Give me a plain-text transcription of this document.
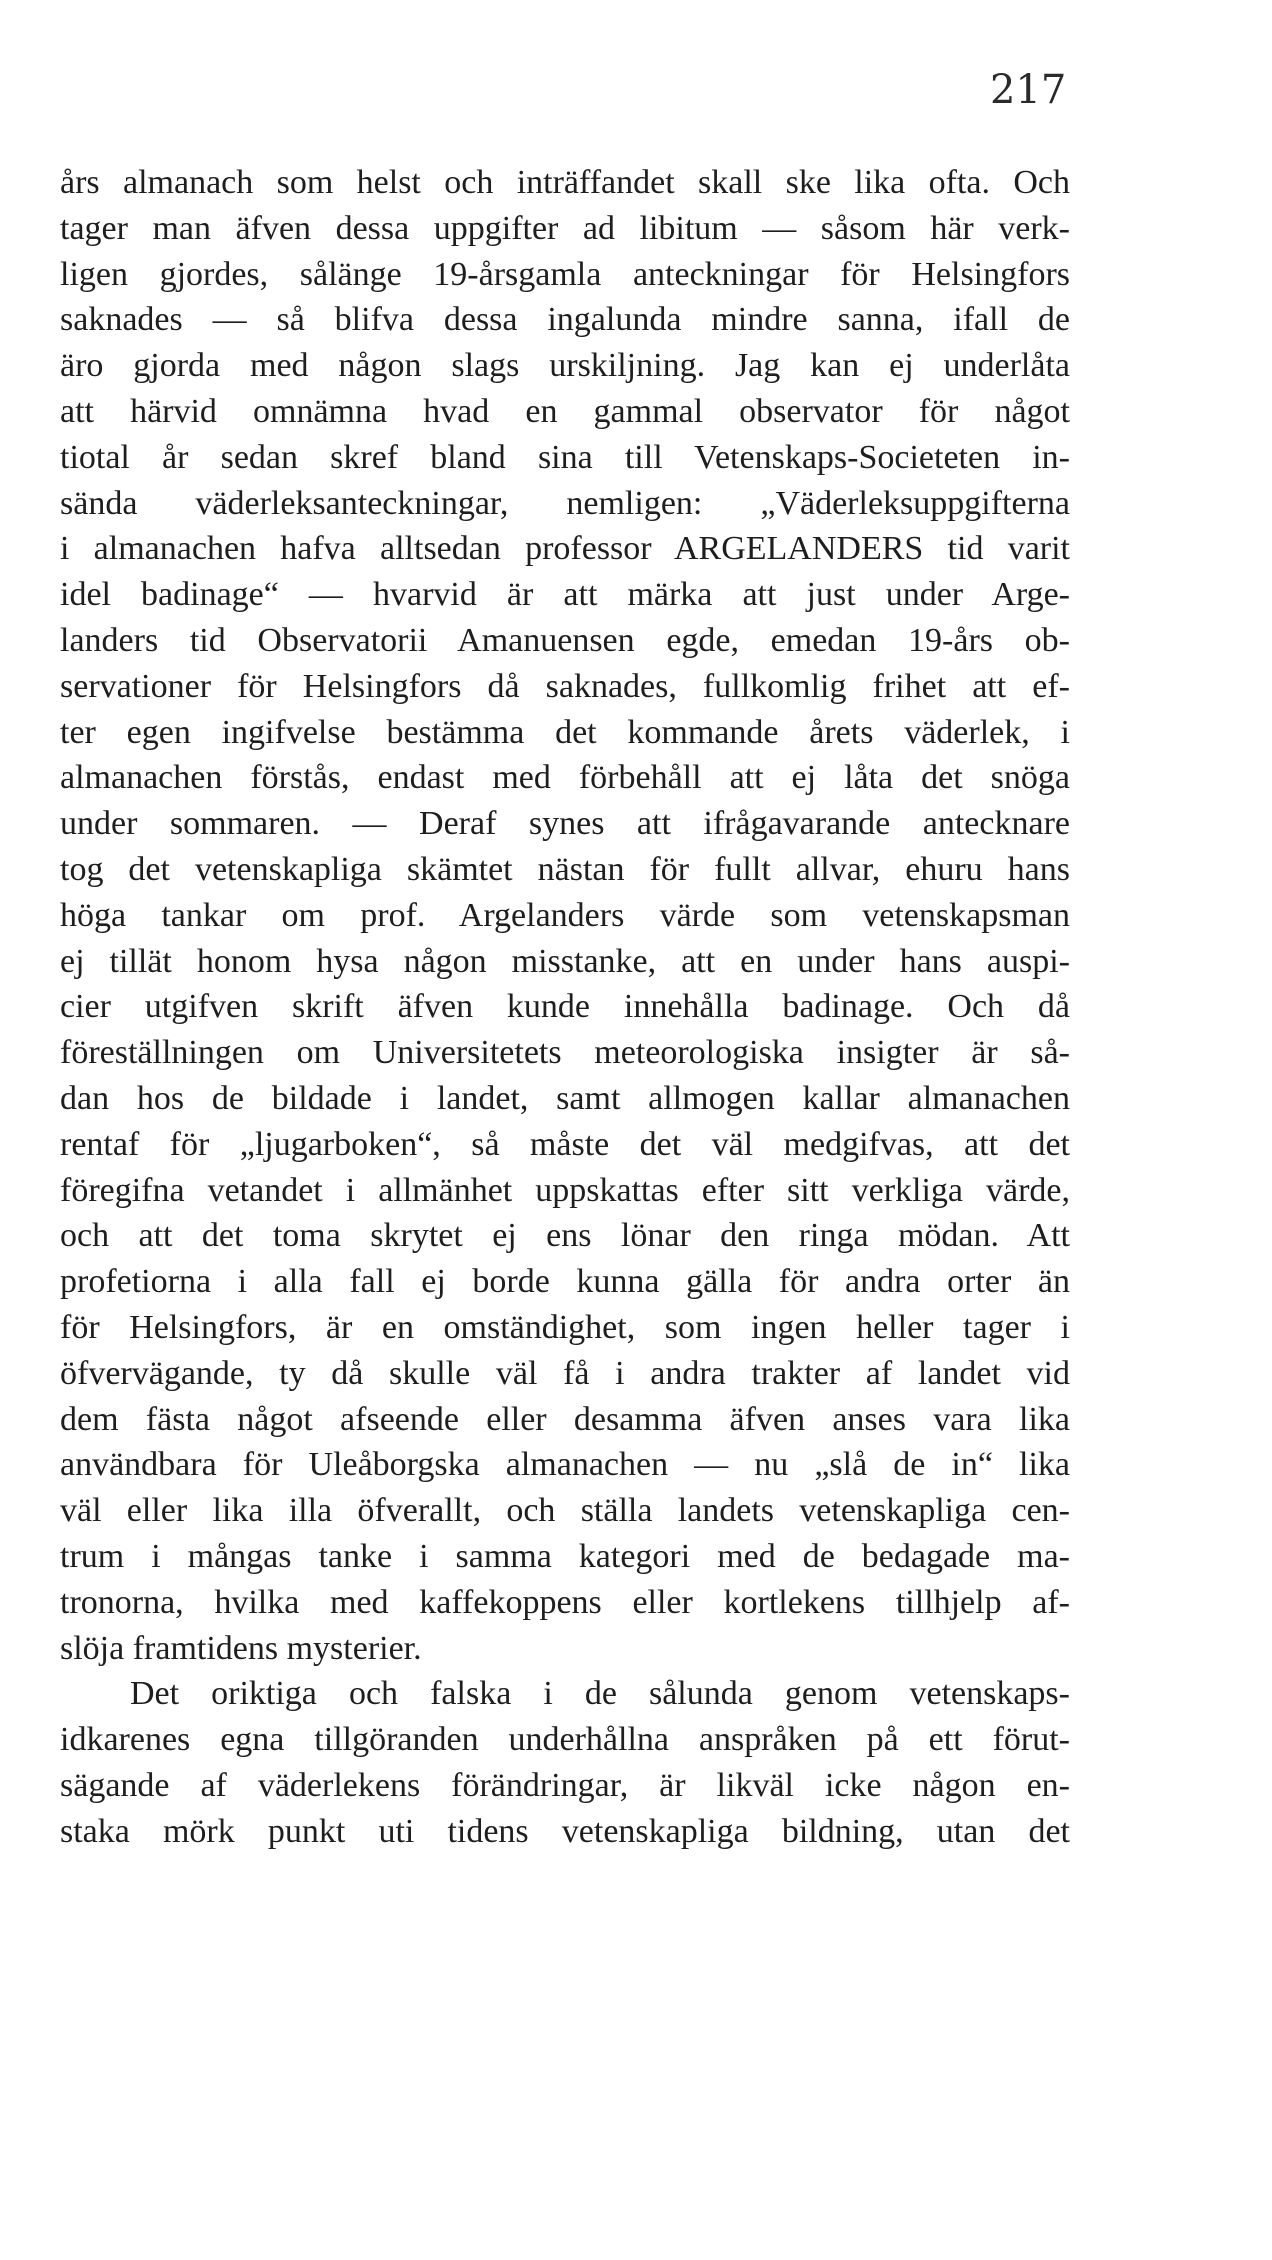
217
års almanach som helst och inträffandet skall ske lika ofta. Och
tager man äfven dessa uppgifter ad libitum — såsom här verk-
ligen gjordes, sålänge 19-årsgamla anteckningar för Helsingfors
saknades — så blifva dessa ingalunda mindre sanna, ifall de
äro gjorda med någon slags urskiljning. Jag kan ej underlåta
att härvid omnämna hvad en gammal observator för något
tiotal år sedan skref bland sina till Vetenskaps-Societeten in-
sända väderleksanteckningar, nemligen: „Väderleksuppgifterna
i almanachen hafva alltsedan professor ARGELANDERS tid varit
idel badinage“ — hvarvid är att märka att just under Arge-
landers tid Observatorii Amanuensen egde, emedan 19-års ob-
servationer för Helsingfors då saknades, fullkomlig frihet att ef-
ter egen ingifvelse bestämma det kommande årets väderlek, i
almanachen förstås, endast med förbehåll att ej låta det snöga
under sommaren. — Deraf synes att ifrågavarande antecknare
tog det vetenskapliga skämtet nästan för fullt allvar, ehuru hans
höga tankar om prof. Argelanders värde som vetenskapsman
ej tillät honom hysa någon misstanke, att en under hans auspi-
cier utgifven skrift äfven kunde innehålla badinage. Och då
föreställningen om Universitetets meteorologiska insigter är så-
dan hos de bildade i landet, samt allmogen kallar almanachen
rentaf för „ljugarboken“, så måste det väl medgifvas, att det
föregifna vetandet i allmänhet uppskattas efter sitt verkliga värde,
och att det toma skrytet ej ens lönar den ringa mödan. Att
profetiorna i alla fall ej borde kunna gälla för andra orter än
för Helsingfors, är en omständighet, som ingen heller tager i
öfvervägande, ty då skulle väl få i andra trakter af landet vid
dem fästa något afseende eller desamma äfven anses vara lika
användbara för Uleåborgska almanachen — nu „slå de in“ lika
väl eller lika illa öfverallt, och ställa landets vetenskapliga cen-
trum i mångas tanke i samma kategori med de bedagade ma-
tronorna, hvilka med kaffekoppens eller kortlekens tillhjelp af-
slöja framtidens mysterier.
Det oriktiga och falska i de sålunda genom vetenskaps-
idkarenes egna tillgöranden underhållna anspråken på ett förut-
sägande af väderlekens förändringar, är likväl icke någon en-
staka mörk punkt uti tidens vetenskapliga bildning, utan det
